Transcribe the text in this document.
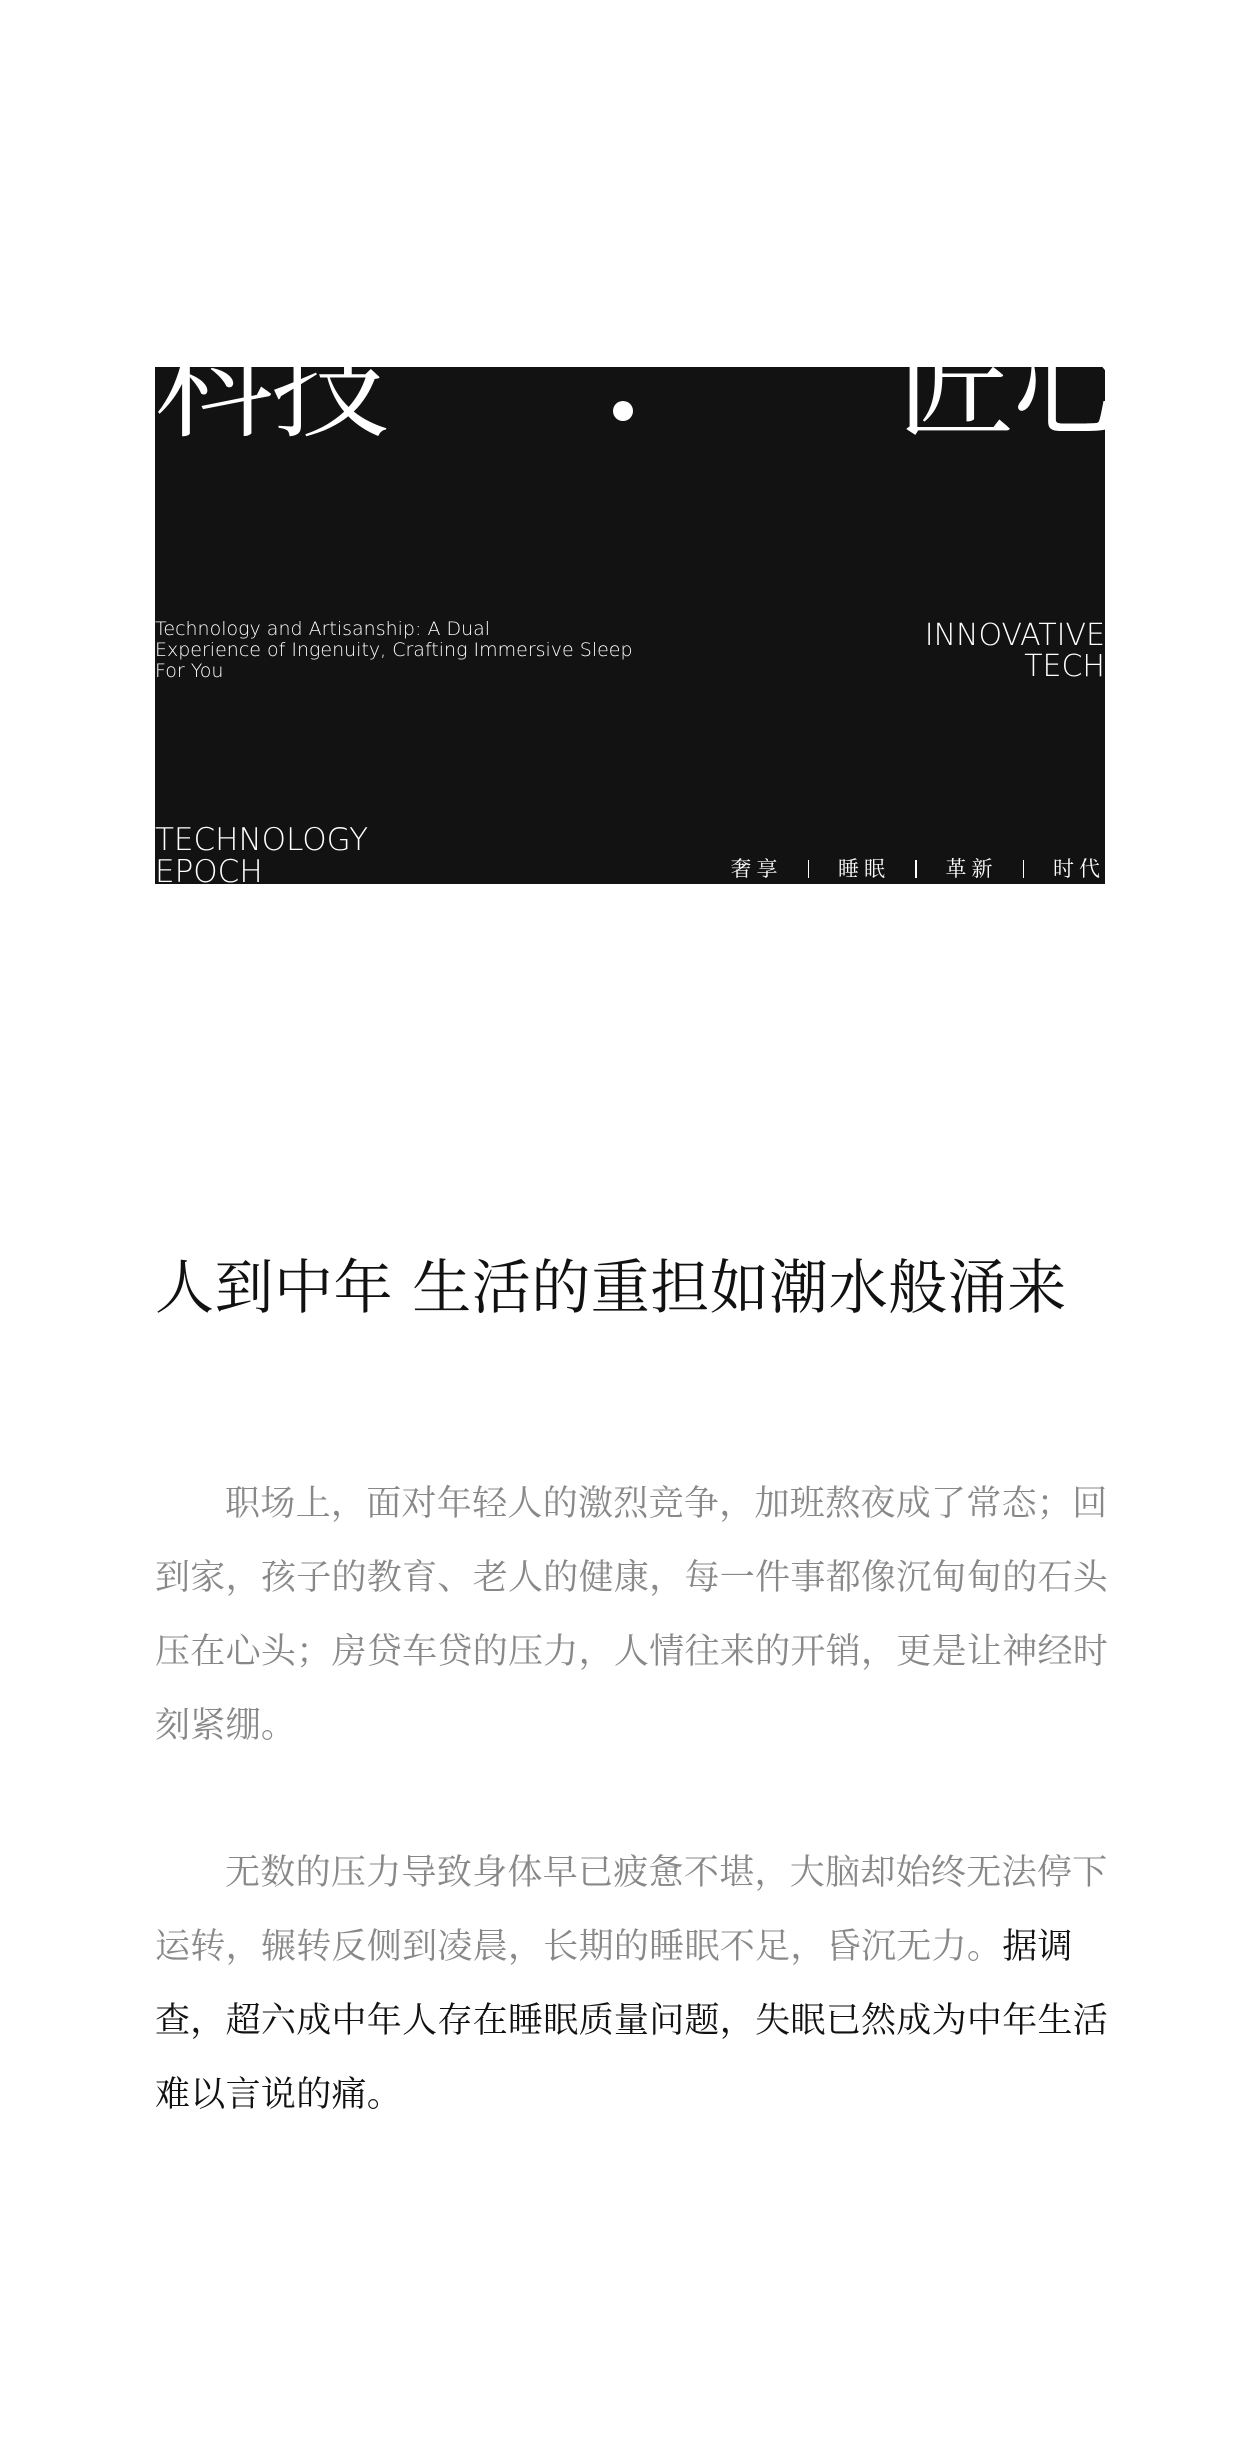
科技	匠心
Technology and Artisanship: A Dual
Experience of Ingenuity, Crafting Immersive Sleep
For You
INNOVATIVE
TECH
TECHNOLOGY
EPOCH	奢享	睡眠	革新	时代
人到中年 生活的重担如潮水般涌来

职场上，面对年轻人的激烈竞争，加班熬夜成了常态；回到家，孩子的教育、老人的健康，每一件事都像沉甸甸的石头压在心头；房贷车贷的压力，人情往来的开销，更是让神经时刻紧绷。

无数的压力导致身体早已疲惫不堪，大脑却始终无法停下运转，辗转反侧到凌晨，长期的睡眠不足，昏沉无力。据调查，超六成中年人存在睡眠质量问题，失眠已然成为中年生活难以言说的痛。
